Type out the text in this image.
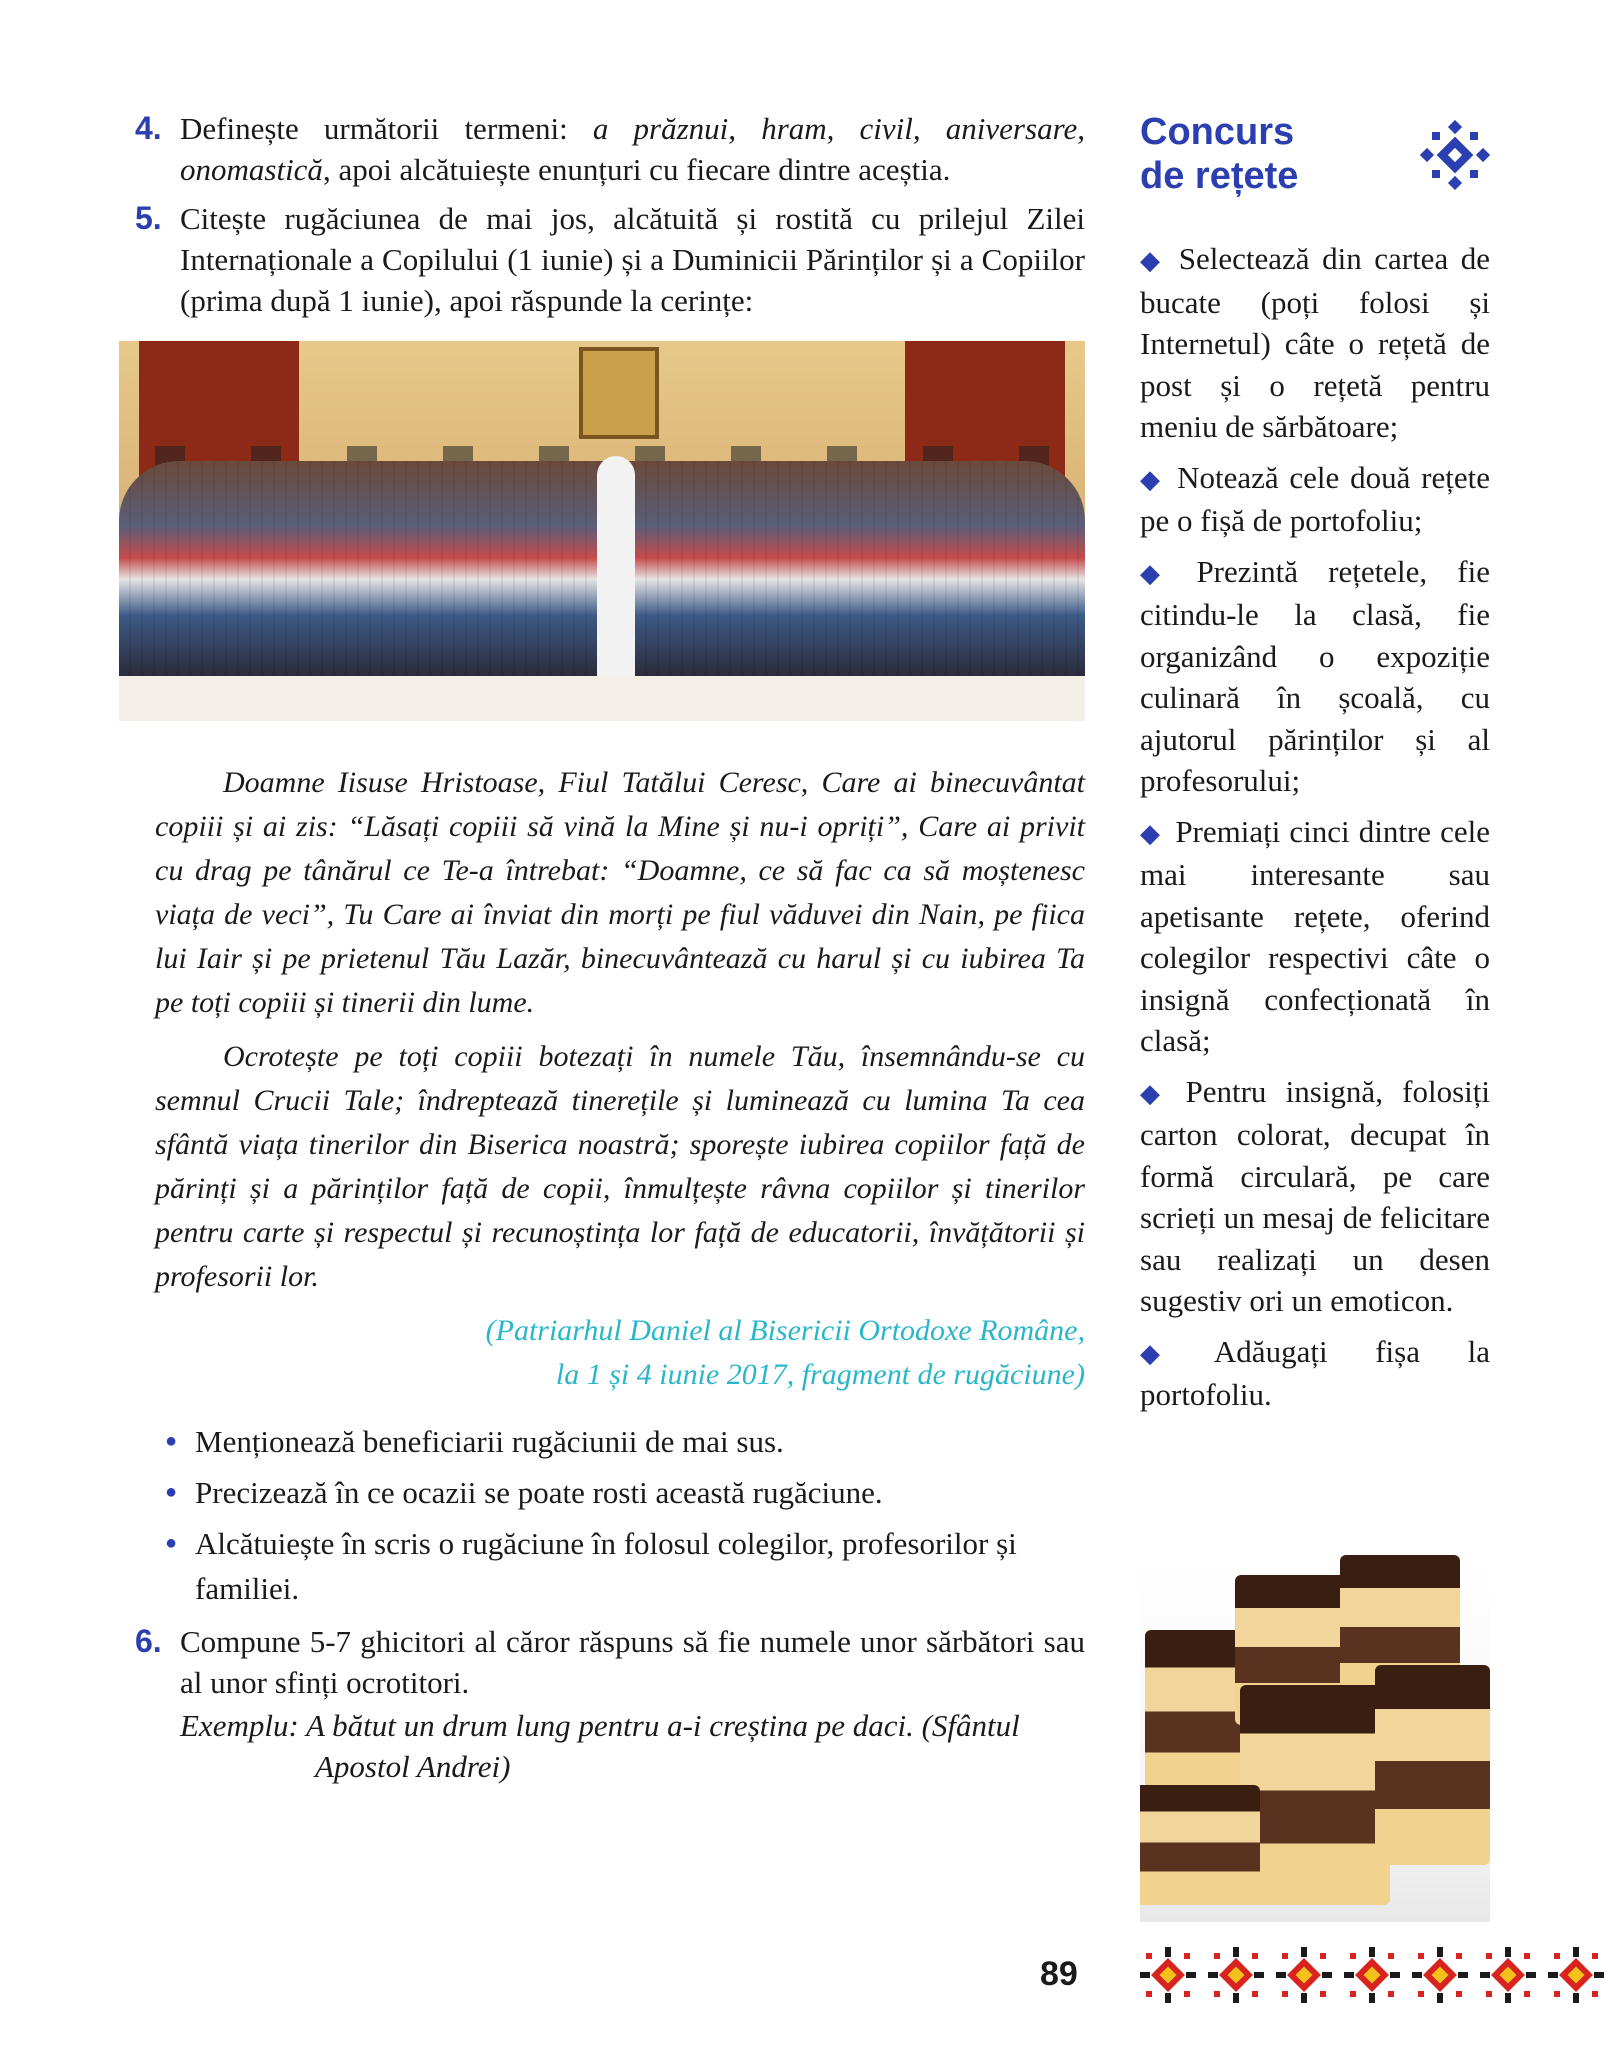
4. Definește următorii termeni: a prăznui, hram, civil, aniversare, onomastică, apoi alcătuiește enunțuri cu fiecare dintre aceștia.
5. Citește rugăciunea de mai jos, alcătuită și rostită cu prilejul Zilei Internaționale a Copilului (1 iunie) și a Duminicii Părinților și a Copiilor (prima după 1 iunie), apoi răspunde la cerințe:

Doamne Iisuse Hristoase, Fiul Tatălui Ceresc, Care ai binecuvântat copiii și ai zis: “Lăsați copiii să vină la Mine și nu-i opriți”, Care ai privit cu drag pe tânărul ce Te-a întrebat: “Doamne, ce să fac ca să moștenesc viața de veci”, Tu Care ai înviat din morți pe fiul văduvei din Nain, pe fiica lui Iair și pe prietenul Tău Lazăr, binecuvântează cu harul și cu iubirea Ta pe toți copiii și tinerii din lume.

Ocrotește pe toți copiii botezați în numele Tău, însemnându-se cu semnul Crucii Tale; îndreptează tinerețile și luminează cu lumina Ta cea sfântă viața tinerilor din Biserica noastră; sporește iubirea copiilor față de părinți și a părinților față de copii, înmulțește râvna copiilor și tinerilor pentru carte și respectul și recunoștința lor față de educatorii, învățătorii și profesorii lor.

(Patriarhul Daniel al Bisericii Ortodoxe Române,
la 1 și 4 iunie 2017, fragment de rugăciune)
● Menționează beneficiarii rugăciunii de mai sus.
● Precizează în ce ocazii se poate rosti această rugăciune.
● Alcătuiește în scris o rugăciune în folosul colegilor, profesorilor și familiei.
6. Compune 5-7 ghicitori al căror răspuns să fie numele unor sărbători sau al unor sfinți ocrotitori.
Exemplu: A bătut un drum lung pentru a-i creștina pe daci. (Sfântul
Apostol Andrei)
Concurs
de rețete
◆ Selectează din cartea de bucate (poți folosi și Internetul) câte o rețetă de post și o rețetă pentru meniu de sărbătoare;
◆ Notează cele două rețete pe o fișă de portofoliu;
◆ Prezintă rețetele, fie citindu-le la clasă, fie organizând o expoziție culinară în școală, cu ajutorul părinților și al profesorului;
◆ Premiați cinci dintre cele mai interesante sau apetisante rețete, oferind colegilor respectivi câte o insignă confecționată în clasă;
◆ Pentru insignă, folosiți carton colorat, decupat în formă circulară, pe care scrieți un mesaj de felicitare sau realizați un desen sugestiv ori un emoticon.
◆ Adăugați fișa la portofoliu.
89
